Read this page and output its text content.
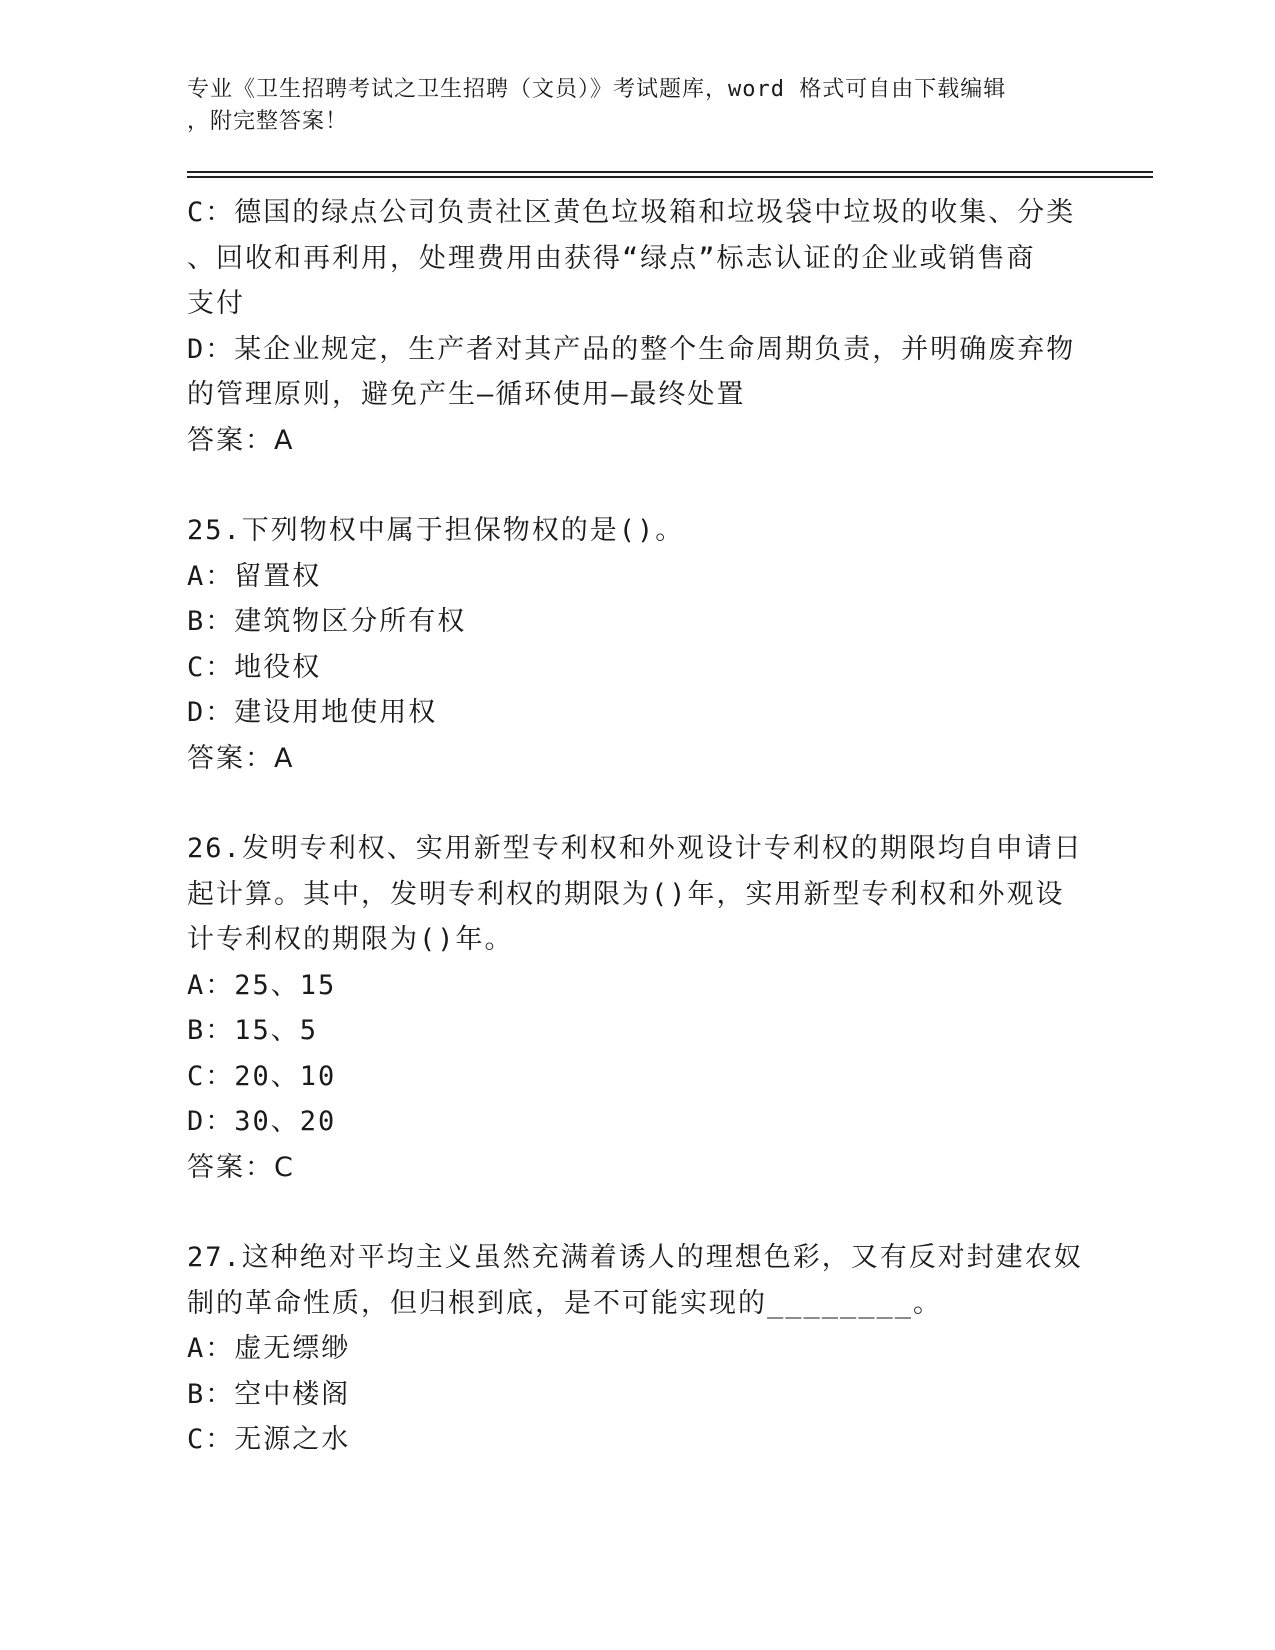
专业《卫生招聘考试之卫生招聘（文员）》考试题库，word 格式可自由下载编辑
，附完整答案！
C：德国的绿点公司负责社区黄色垃圾箱和垃圾袋中垃圾的收集、分类
、回收和再利用，处理费用由获得“绿点”标志认证的企业或销售商
支付
D：某企业规定，生产者对其产品的整个生命周期负责，并明确废弃物
的管理原则，避免产生—循环使用—最终处置
答案：A
25.下列物权中属于担保物权的是()。
A：留置权
B：建筑物区分所有权
C：地役权
D：建设用地使用权
答案：A
26.发明专利权、实用新型专利权和外观设计专利权的期限均自申请日
起计算。其中，发明专利权的期限为()年，实用新型专利权和外观设
计专利权的期限为()年。
A：25、15
B：15、5
C：20、10
D：30、20
答案：C
27.这种绝对平均主义虽然充满着诱人的理想色彩，又有反对封建农奴
制的革命性质，但归根到底，是不可能实现的________。
A：虚无缥缈
B：空中楼阁
C：无源之水
